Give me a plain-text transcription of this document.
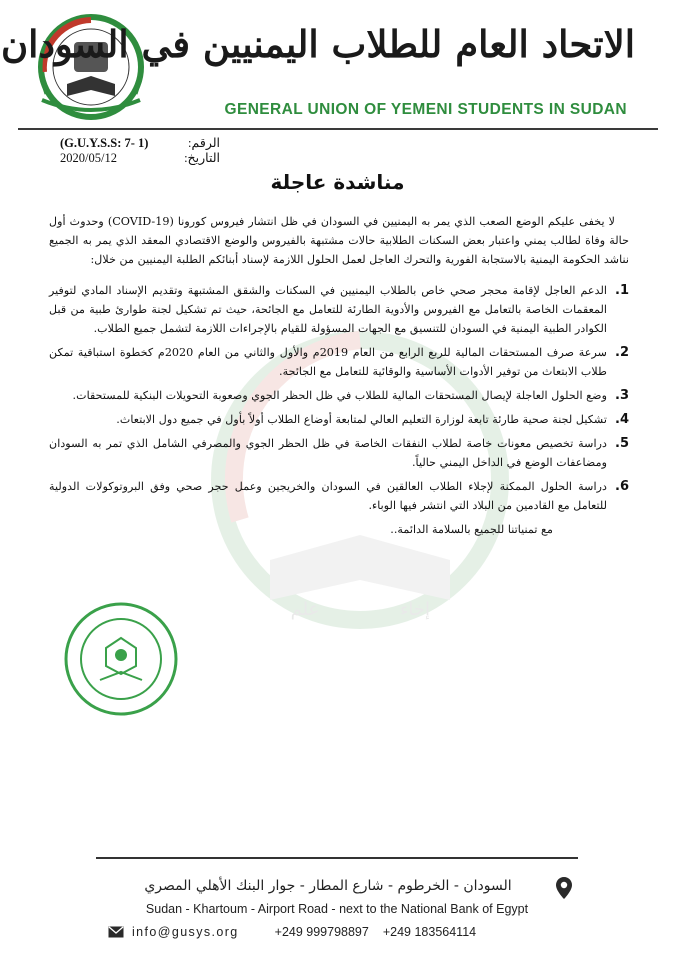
الاتحاد العام للطلاب اليمنيين في السودان
GENERAL UNION OF YEMENI STUDENTS IN SUDAN
(G.U.Y.S.S: 7- 1)	الرقم:
2020/05/12	التاريخ:
مناشدة عاجلة
علم	إخاء

لا يخفى عليكم الوضع الصعب الذي يمر به اليمنيين في السودان في ظل انتشار فيروس كورونا (COVID-19) وحدوث أول حالة وفاة لطالب يمني واعتبار بعض السكنات الطلابية حالات مشتبهة بالفيروس والوضع الاقتصادي المعقد الذي يمر به الجميع نناشد الحكومة اليمنية بالاستجابة الفورية والتحرك العاجل لعمل الحلول اللازمة لإسناد أبنائكم الطلبة اليمنيين من خلال:

1.
الدعم العاجل لإقامة محجر صحي خاص بالطلاب اليمنيين في السكنات والشقق المشتبهة وتقديم الإسناد المادي لتوفير المعقمات الخاصة بالتعامل مع الفيروس والأدوية الطارئة للتعامل مع الجائحة، حيث تم تشكيل لجنة طوارئ طبية من قبل الكوادر الطبية اليمنية في السودان للتنسيق مع الجهات المسؤولة للقيام بالإجراءات اللازمة لتشمل جميع الطلاب.
2.
سرعة صرف المستحقات المالية للربع الرابع من العام 2019م والأول والثاني من العام 2020م كخطوة استباقية تمكن طلاب الابتعاث من توفير الأدوات الأساسية والوقائية للتعامل مع الجائحة.
3.
وضع الحلول العاجلة لإيصال المستحقات المالية للطلاب في ظل الحظر الجوي وصعوبة التحويلات البنكية للمستحقات.
4.
تشكيل لجنة صحية طارئة تابعة لوزارة التعليم العالي لمتابعة أوضاع الطلاب أولاً بأول في جميع دول الابتعاث.
5.
دراسة تخصيص معونات خاصة لطلاب النفقات الخاصة في ظل الحظر الجوي والمصرفي الشامل الذي تمر به السودان ومضاعفات الوضع في الداخل اليمني حالياً.
6.
دراسة الحلول الممكنة لإجلاء الطلاب العالقين في السودان والخريجين وعمل حجر صحي وفق البروتوكولات الدولية للتعامل مع القادمين من البلاد التي انتشر فيها الوباء.

مع تمنياتنا للجميع بالسلامة الدائمة..

السودان - الخرطوم - شارع المطار - جوار البنك الأهلي المصري
Sudan - Khartoum - Airport Road - next to the National Bank of Egypt
info@gusys.org	+249 999798897 +249 183564114
